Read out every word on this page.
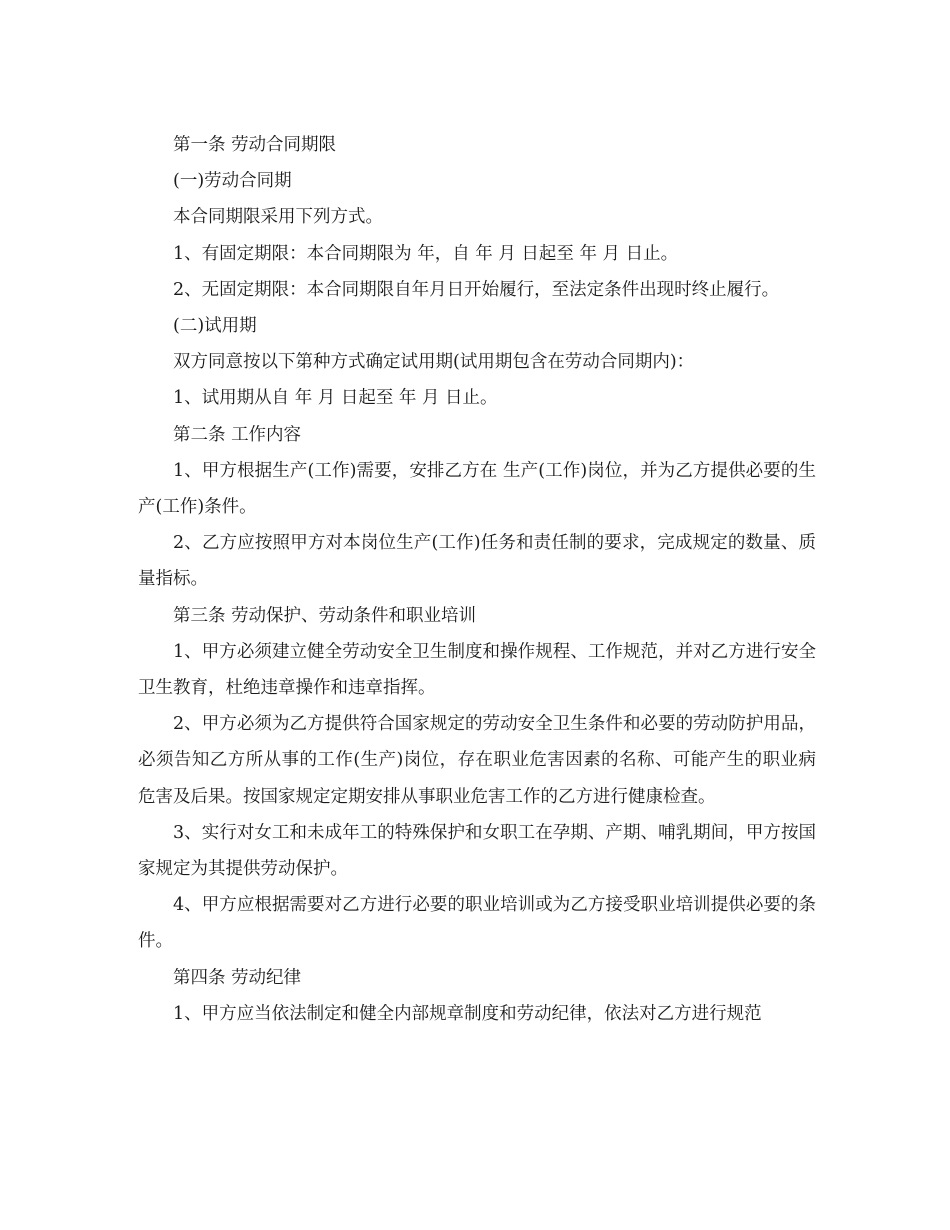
第一条 劳动合同期限

(一)劳动合同期

本合同期限采用下列方式。

1、有固定期限：本合同期限为 年，自 年 月 日起至 年 月 日止。

2、无固定期限：本合同期限自年月日开始履行，至法定条件出现时终止履行。

(二)试用期

双方同意按以下第种方式确定试用期(试用期包含在劳动合同期内)：

1、试用期从自 年 月 日起至 年 月 日止。

第二条 工作内容

1、甲方根据生产(工作)需要，安排乙方在 生产(工作)岗位，并为乙方提供必要的生产(工作)条件。

2、乙方应按照甲方对本岗位生产(工作)任务和责任制的要求，完成规定的数量、质量指标。

第三条 劳动保护、劳动条件和职业培训

1、甲方必须建立健全劳动安全卫生制度和操作规程、工作规范，并对乙方进行安全卫生教育，杜绝违章操作和违章指挥。

2、甲方必须为乙方提供符合国家规定的劳动安全卫生条件和必要的劳动防护用品，必须告知乙方所从事的工作(生产)岗位，存在职业危害因素的名称、可能产生的职业病危害及后果。按国家规定定期安排从事职业危害工作的乙方进行健康检查。

3、实行对女工和未成年工的特殊保护和女职工在孕期、产期、哺乳期间，甲方按国家规定为其提供劳动保护。

4、甲方应根据需要对乙方进行必要的职业培训或为乙方接受职业培训提供必要的条件。

第四条 劳动纪律

1、甲方应当依法制定和健全内部规章制度和劳动纪律，依法对乙方进行规范
